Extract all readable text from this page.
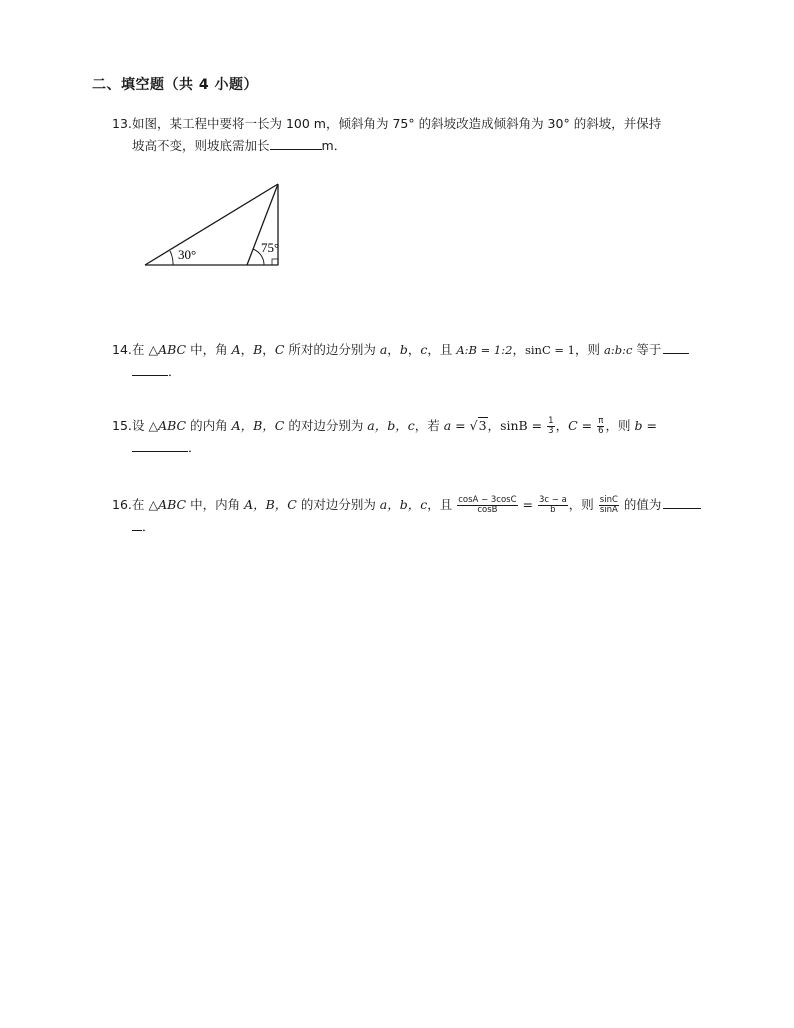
二、填空题（共 4 小题）
13.如图，某工程中要将一长为 100 m，倾斜角为 75° 的斜坡改造成倾斜角为 30° 的斜坡，并保持
坡高不变，则坡底需加长	m．
30°	75°
14.在 △ABC 中，角 A，B，C 所对的边分别为 a，b，c，且 A:B = 1:2，sinC = 1，则 a:b:c 等于
．
15.设 △ABC 的内角 A，B，C 的对边分别为 a，b，c，若 a = √3，$\sin B = \frac{1}{3}$ ，$C = \frac{\pi}{6}$ ，则 b =
．
16.在 △ABC 中，内角 A，B，C 的对边分别为 a，b，c，且 $\frac{\cos A - 3\cos C}{\cos B} = \frac{3c - a}{b}$ ，则 $\frac{\sin C}{\sin A}$ 的值为
．
